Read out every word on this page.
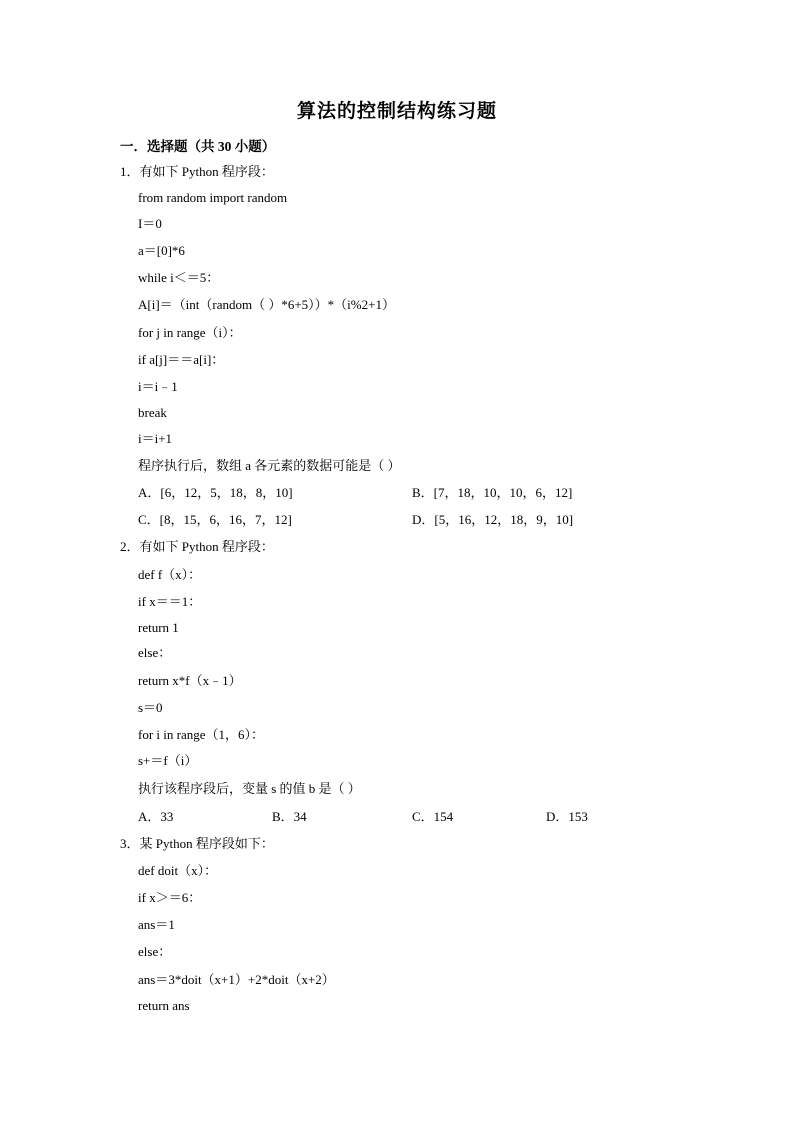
算法的控制结构练习题
一．选择题（共 30 小题）
1．有如下 Python 程序段：
from random import random
I＝0
a＝[0]*6
while i＜＝5：
A[i]＝（int（random（ ）*6+5））*（i%2+1）
for j in range（i）：
if a[j]＝＝a[i]：
i＝i﹣1
break
i＝i+1
程序执行后，数组 a 各元素的数据可能是（ ）
A．[6，12，5，18，8，10]	B．[7，18，10，10，6，12]
C．[8，15，6，16，7，12]	D．[5，16，12，18，9，10]
2．有如下 Python 程序段：
def f（x）：
if x＝＝1：
return 1
else：
return x*f（x﹣1）
s＝0
for i in range（1，6）：
s+＝f（i）
执行该程序段后，变量 s 的值 b 是（ ）
A．33	B．34	C．154	D．153
3．某 Python 程序段如下：
def doit（x）：
if x＞＝6：
ans＝1
else：
ans＝3*doit（x+1）+2*doit（x+2）
return ans
